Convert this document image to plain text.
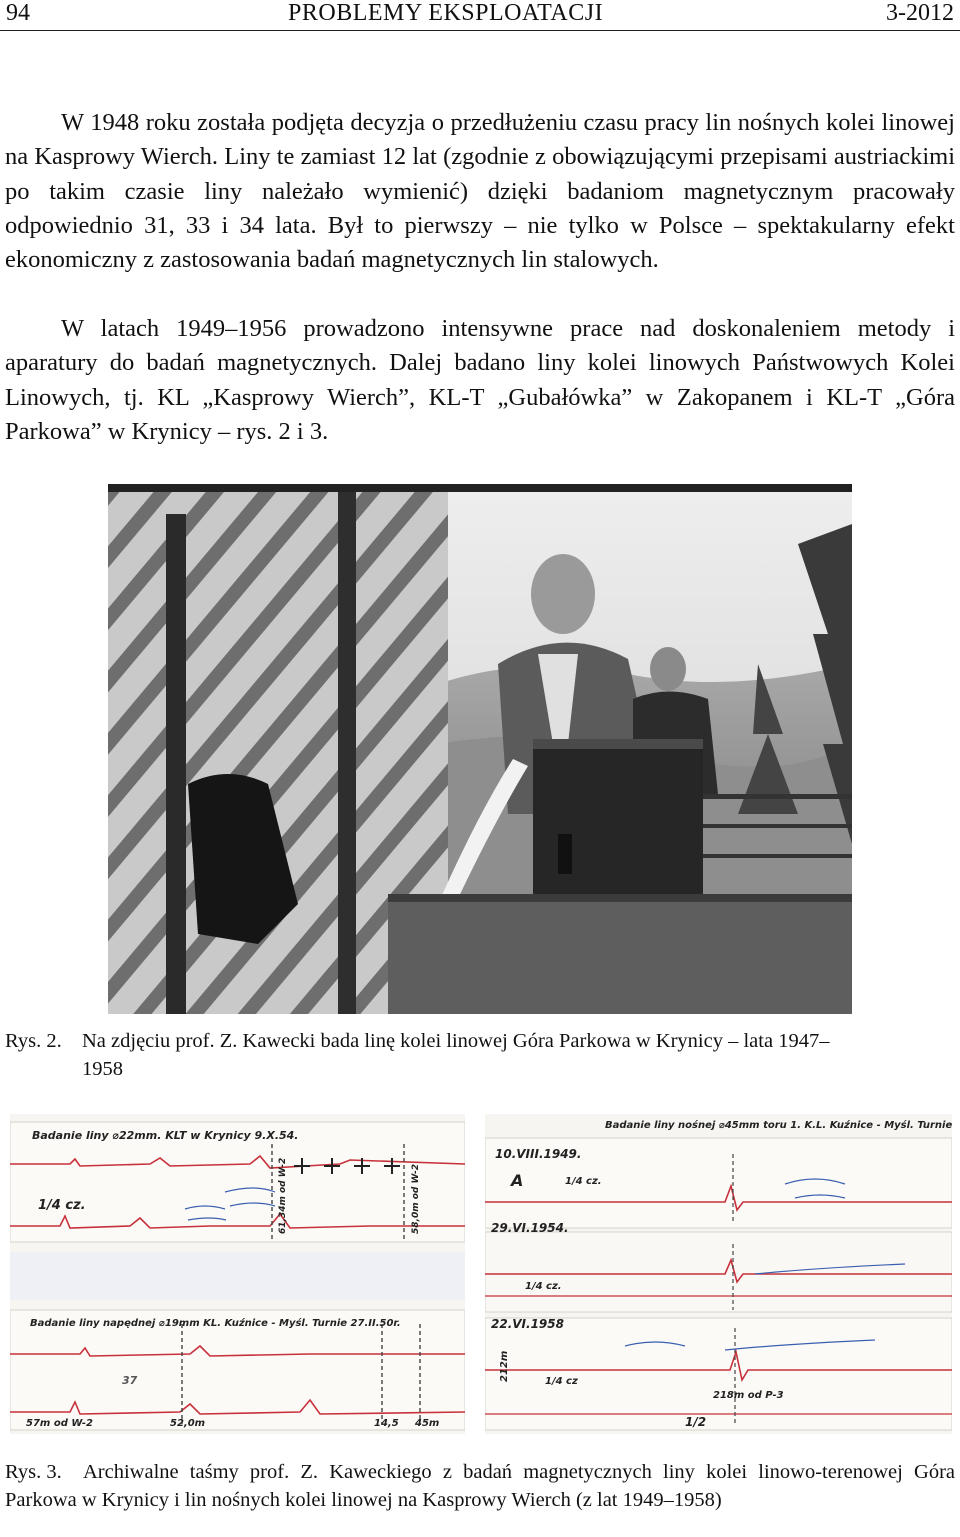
94	PROBLEMY EKSPLOATACJI	3-2012

W 1948 roku została podjęta decyzja o przedłużeniu czasu pracy lin nośnych kolei linowej na Kasprowy Wierch. Liny te zamiast 12 lat (zgodnie z obowiązującymi przepisami austriackimi po takim czasie liny należało wymienić) dzięki badaniom magnetycznym pracowały odpowiednio 31, 33 i 34 lata. Był to pierwszy – nie tylko w Polsce – spektakularny efekt ekonomiczny z zastosowania badań magnetycznych lin stalowych.

W latach 1949–1956 prowadzono intensywne prace nad doskonaleniem metody i aparatury do badań magnetycznych. Dalej badano liny kolei linowych Państwowych Kolei Linowych, tj. KL „Kasprowy Wierch”, KL-T „Gubałówka” w Zakopanem i KL-T „Góra Parkowa” w Krynicy – rys. 2 i 3.

Rys. 2. Na zdjęciu prof. Z. Kawecki bada linę kolei linowej Góra Parkowa w Krynicy – lata 1947–
1958
Badanie liny ⌀22mm. KLT w Krynicy 9.X.54.
1/4 cz.	61,34m od W-2	58,0m od W-2
Badanie liny napędnej ⌀19mm KL. Kuźnice - Myśl. Turnie 27.II.50r.
37
57m od W-2	52,0m	14,5 45m
Badanie liny nośnej ⌀45mm toru 1. K.L. Kuźnice - Myśl. Turnie
10.VIII.1949.
A	1/4 cz.
29.VI.1954.
1/4 cz.
22.VI.1958
212m	1/4 cz
218m od P-3
1/2
Rys. 3. Archiwalne taśmy prof. Z. Kaweckiego z badań magnetycznych liny kolei linowo-terenowej Góra Parkowa w Krynicy i lin nośnych kolei linowej na Kasprowy Wierch (z lat 1949–1958)
